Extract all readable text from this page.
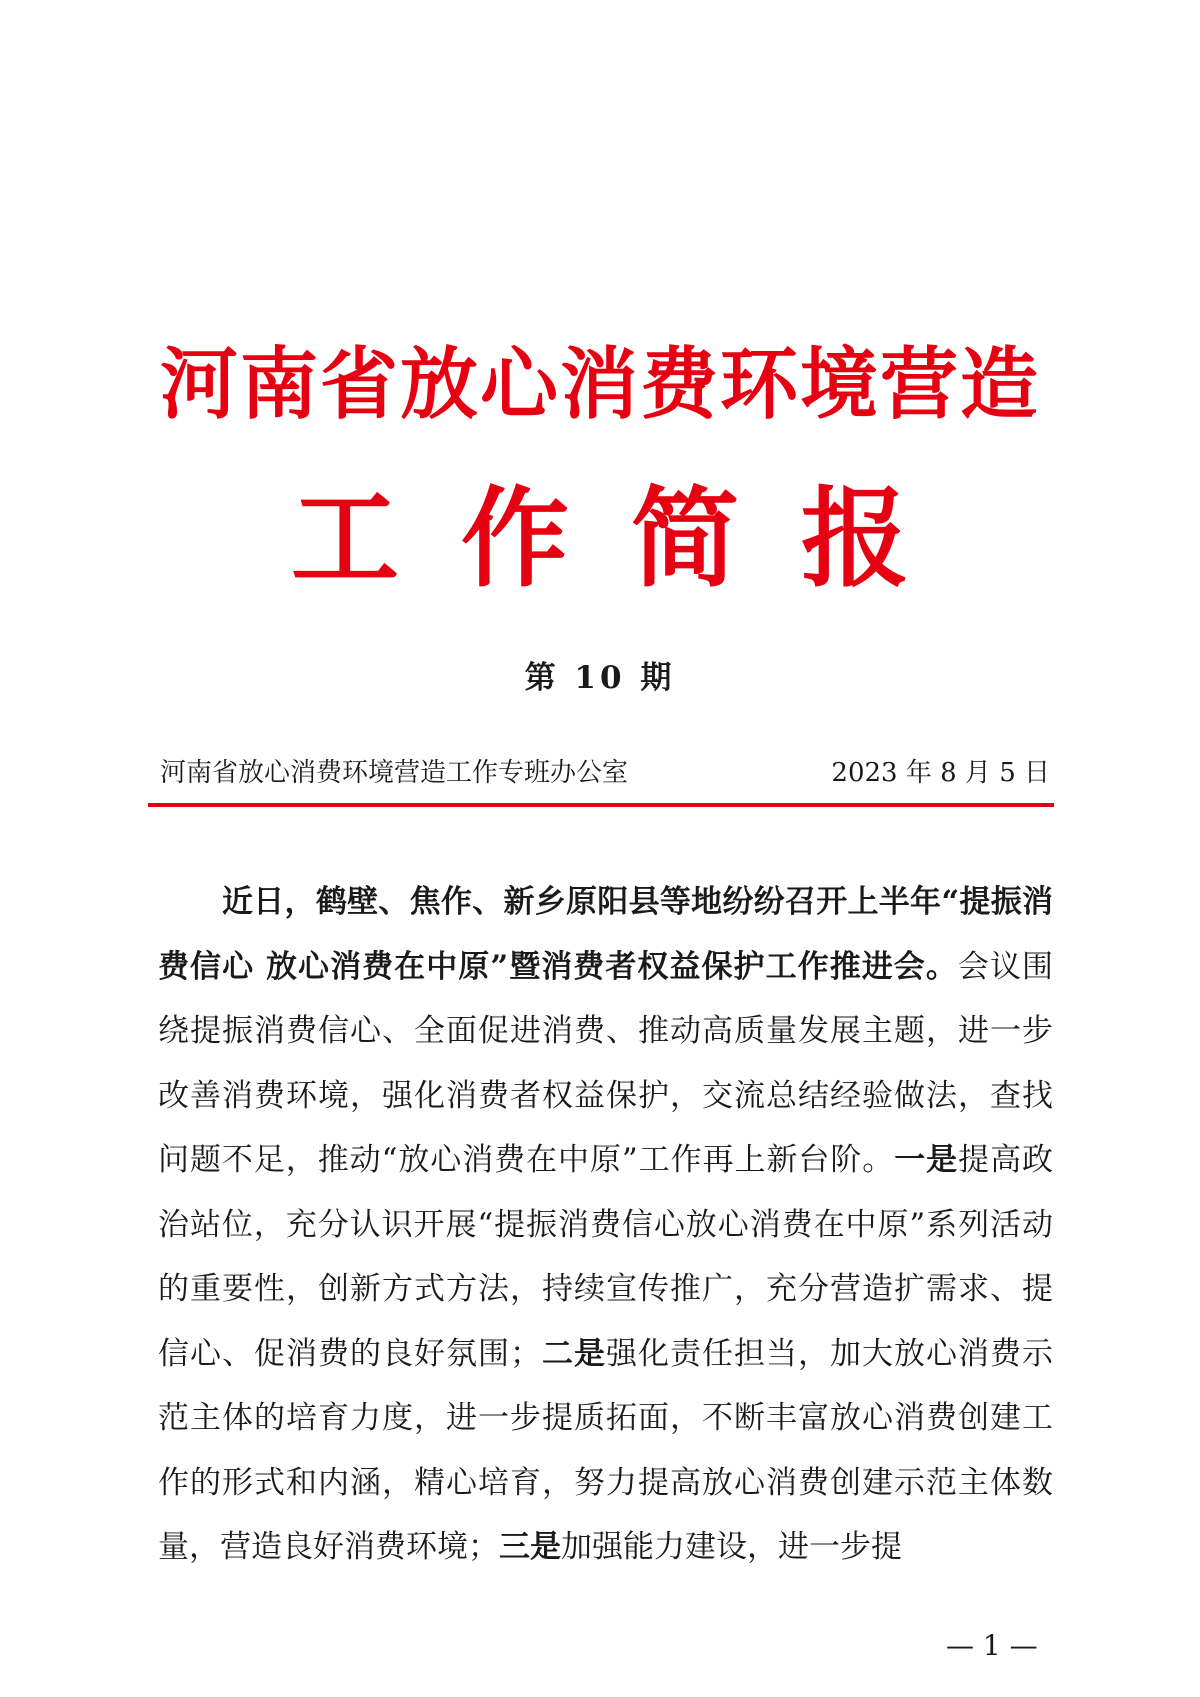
河南省放心消费环境营造
工作简报
第 10 期
河南省放心消费环境营造工作专班办公室	2023 年 8 月 5 日

近日，鹤壁、焦作、新乡原阳县等地纷纷召开上半年“提振消费信心 放心消费在中原”暨消费者权益保护工作推进会。会议围绕提振消费信心、全面促进消费、推动高质量发展主题，进一步改善消费环境，强化消费者权益保护，交流总结经验做法，查找问题不足，推动“放心消费在中原”工作再上新台阶。一是提高政治站位，充分认识开展“提振消费信心放心消费在中原”系列活动的重要性，创新方式方法，持续宣传推广，充分营造扩需求、提信心、促消费的良好氛围；二是强化责任担当，加大放心消费示范主体的培育力度，进一步提质拓面，不断丰富放心消费创建工作的形式和内涵，精心培育，努力提高放心消费创建示范主体数量，营造良好消费环境；三是加强能力建设，进一步提

— 1 —
